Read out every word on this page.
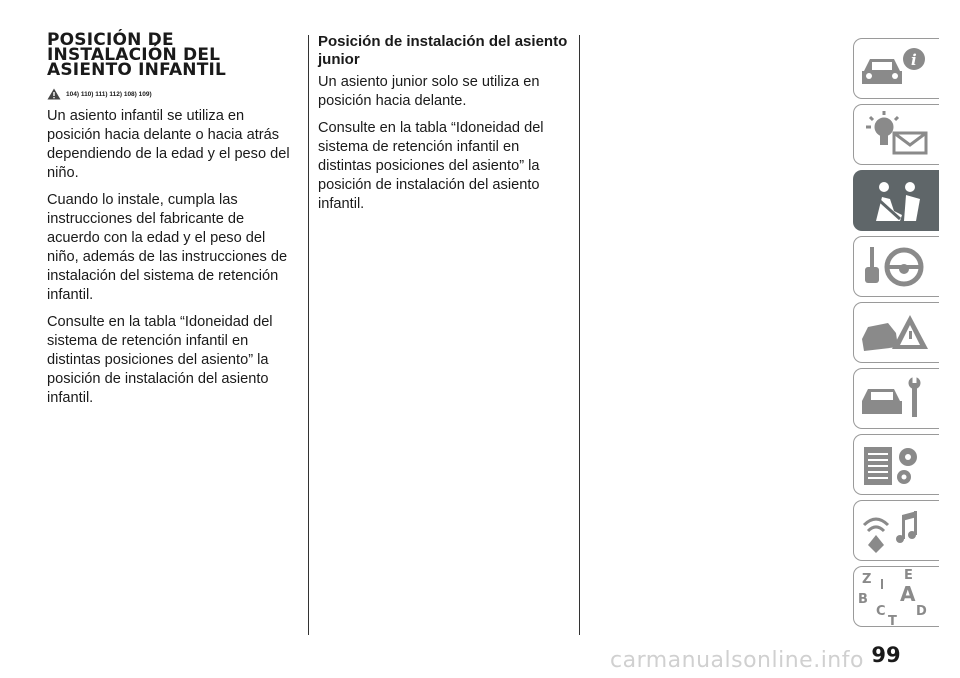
POSICIÓN DE INSTALACIÓN DEL ASIENTO INFANTIL
104) 110) 111) 112) 108) 109)

Un asiento infantil se utiliza en posición hacia delante o hacia atrás dependiendo de la edad y el peso del niño.

Cuando lo instale, cumpla las instrucciones del fabricante de acuerdo con la edad y el peso del niño, además de las instrucciones de instalación del sistema de retención infantil.

Consulte en la tabla “Idoneidad del sistema de retención infantil en distintas posiciones del asiento” la posición de instalación del asiento infantil.

Posición de instalación del asiento junior

Un asiento junior solo se utiliza en posición hacia delante.

Consulte en la tabla “Idoneidad del sistema de retención infantil en distintas posiciones del asiento” la posición de instalación del asiento infantil.

i
Z	E
B A
C D
T
carmanualsonline.info 99
